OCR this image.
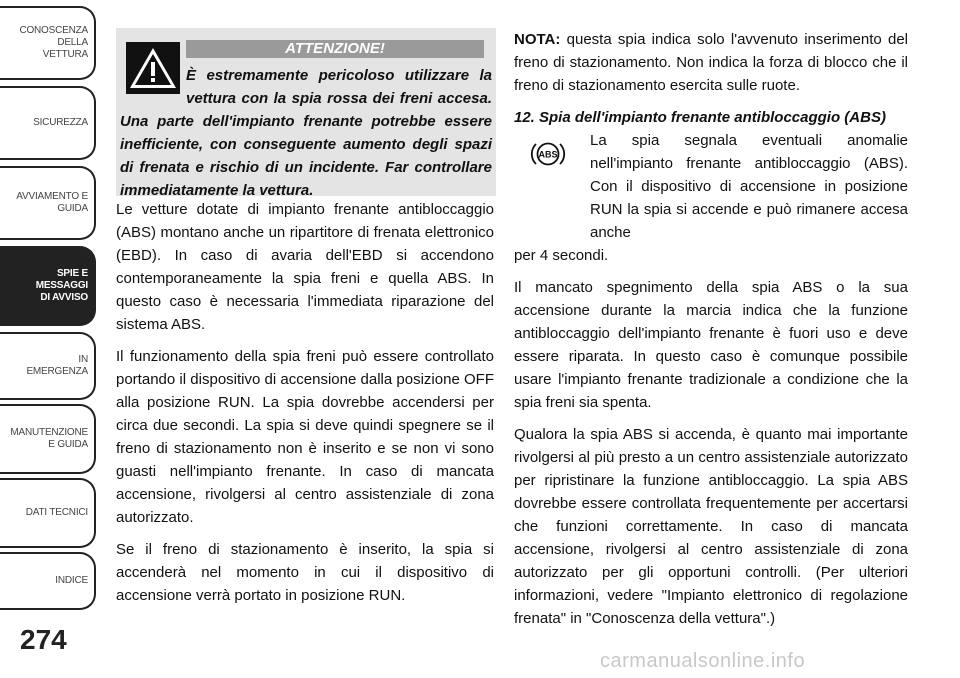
CONOSCENZA DELLA
VETTURA
SICUREZZA
AVVIAMENTO E
GUIDA
SPIE E
MESSAGGI
DI AVVISO
IN
EMERGENZA
MANUTENZIONE
E GUIDA
DATI TECNICI
INDICE
274
ATTENZIONE!
È estremamente pericoloso utilizzare la vettura con la spia rossa dei freni accesa.
Una parte dell'impianto frenante potrebbe essere inefficiente, con conseguente aumento degli spazi di frenata e rischio di un incidente. Far controllare immediatamente la vettura.

Le vetture dotate di impianto frenante antibloccaggio (ABS) montano anche un ripartitore di frenata elettronico (EBD). In caso di avaria dell'EBD si accendono contemporaneamente la spia freni e quella ABS. In questo caso è necessaria l'immediata riparazione del sistema ABS.

Il funzionamento della spia freni può essere controllato portando il dispositivo di accensione dalla posizione OFF alla posizione RUN. La spia dovrebbe accendersi per circa due secondi. La spia si deve quindi spegnere se il freno di stazionamento non è inserito e se non vi sono guasti nell'impianto frenante. In caso di mancata accensione, rivolgersi al centro assistenziale di zona autorizzato.

Se il freno di stazionamento è inserito, la spia si accenderà nel momento in cui il dispositivo di accensione verrà portato in posizione RUN.

NOTA: questa spia indica solo l'avvenuto inserimento del freno di stazionamento. Non indica la forza di blocco che il freno di stazionamento esercita sulle ruote.

12. Spia dell'impianto frenante antibloccaggio (ABS)

ABS

La spia segnala eventuali anomalie nell'impianto frenante antibloccaggio (ABS). Con il dispositivo di accensione in posizione RUN la spia si accende e può rimanere accesa anche

per 4 secondi.

Il mancato spegnimento della spia ABS o la sua accensione durante la marcia indica che la funzione antibloccaggio dell'impianto frenante è fuori uso e deve essere riparata. In questo caso è comunque possibile usare l'impianto frenante tradizionale a condizione che la spia freni sia spenta.

Qualora la spia ABS si accenda, è quanto mai importante rivolgersi al più presto a un centro assistenziale autorizzato per ripristinare la funzione antibloccaggio. La spia ABS dovrebbe essere controllata frequentemente per accertarsi che funzioni correttamente. In caso di mancata accensione, rivolgersi al centro assistenziale di zona autorizzato per gli opportuni controlli. (Per ulteriori informazioni, vedere "Impianto elettronico di regolazione frenata" in "Conoscenza della vettura".)

carmanualsonline.info
